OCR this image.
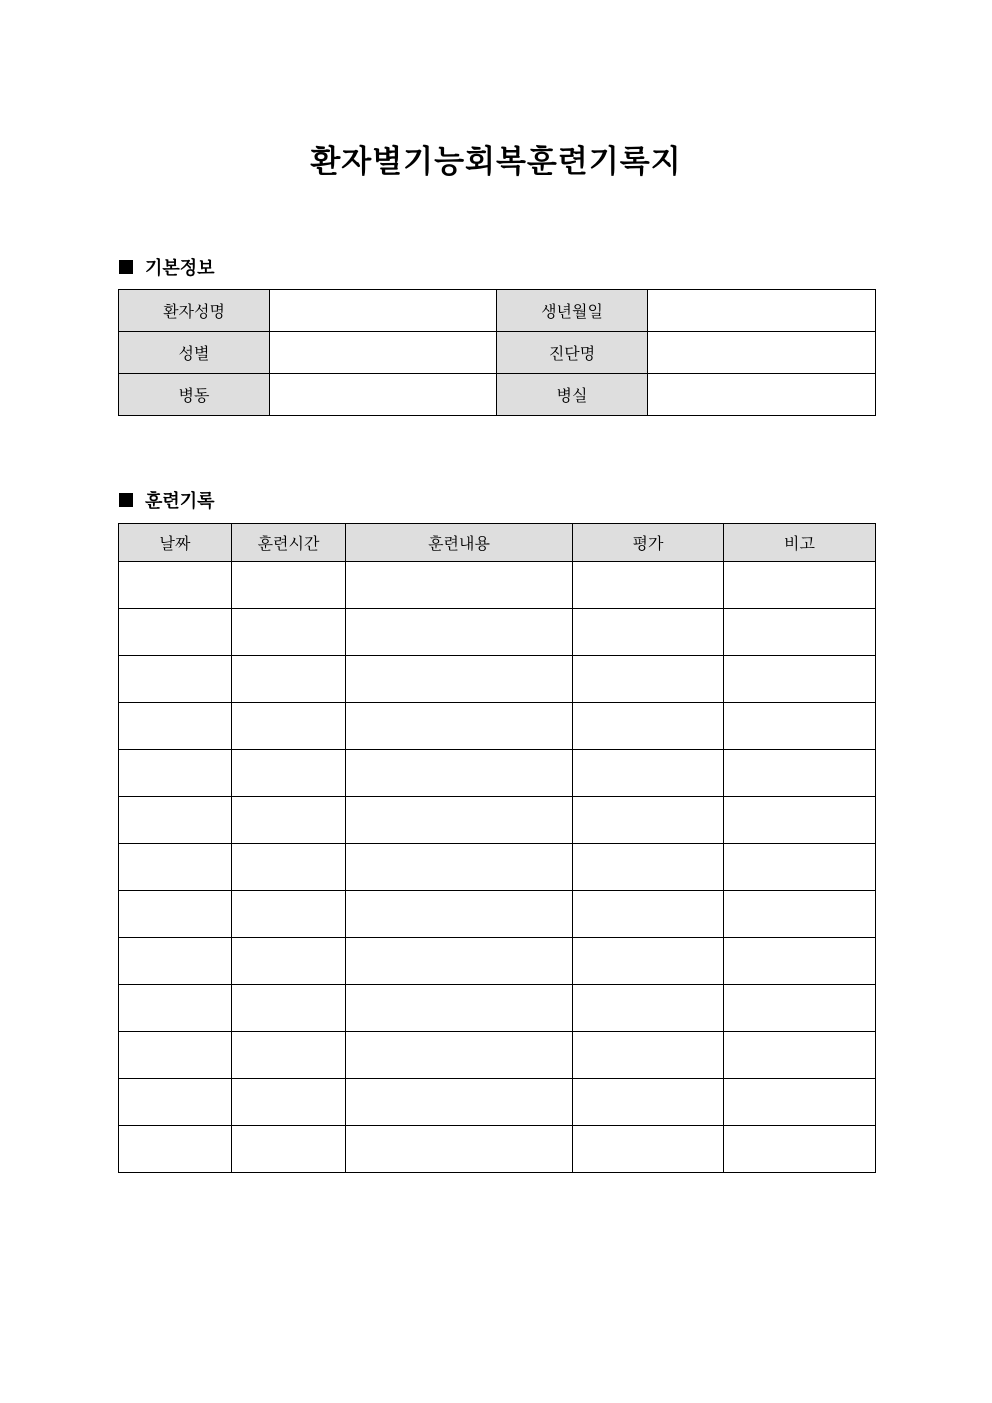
환자별기능회복훈련기록지
기본정보
환자성명		생년월일	
성별		진단명	
병동		병실	
훈련기록
날짜	훈련시간	훈련내용	평가	비고
